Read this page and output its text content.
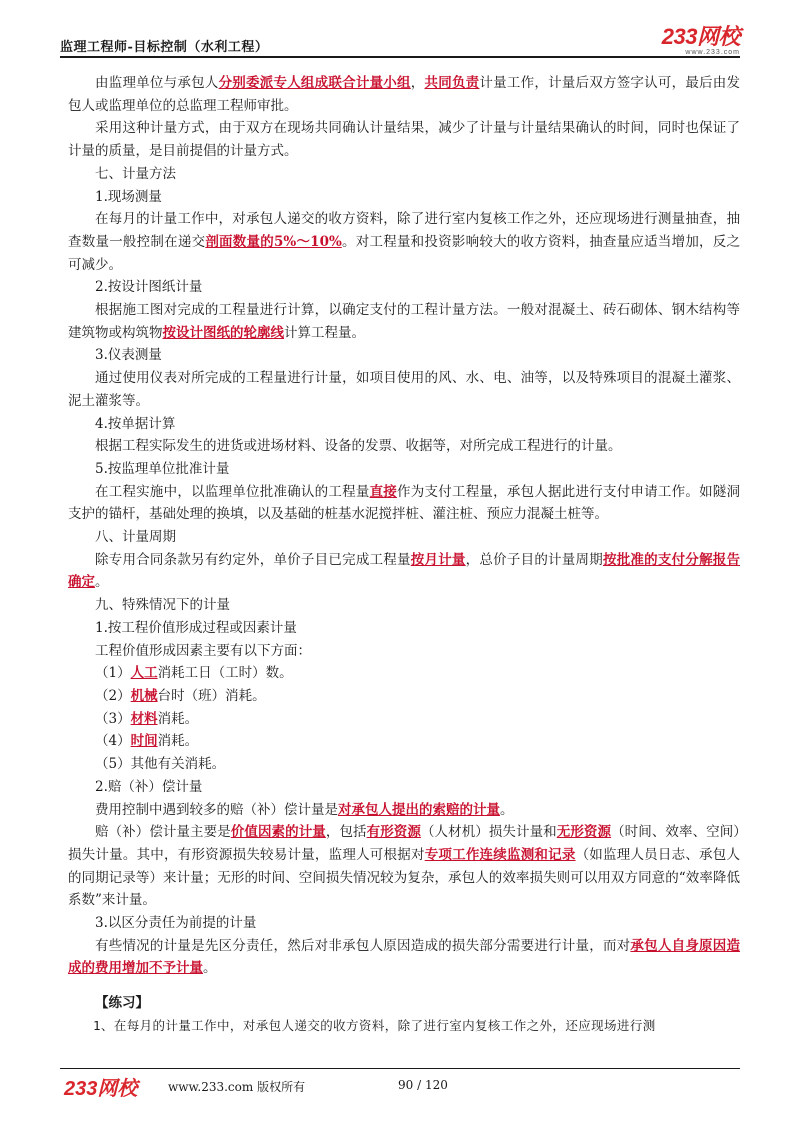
监理工程师-目标控制（水利工程）	233网校
www.233.com
由监理单位与承包人分别委派专人组成联合计量小组，共同负责计量工作，计量后双方签字认可，最后由发包人或监理单位的总监理工程师审批。
采用这种计量方式，由于双方在现场共同确认计量结果，减少了计量与计量结果确认的时间，同时也保证了计量的质量，是目前提倡的计量方式。
七、计量方法
1.现场测量
在每月的计量工作中，对承包人递交的收方资料，除了进行室内复核工作之外，还应现场进行测量抽查，抽查数量一般控制在递交剖面数量的5%～10%。对工程量和投资影响较大的收方资料，抽查量应适当增加，反之可减少。
2.按设计图纸计量
根据施工图对完成的工程量进行计算，以确定支付的工程计量方法。一般对混凝土、砖石砌体、钢木结构等建筑物或构筑物按设计图纸的轮廓线计算工程量。
3.仪表测量
通过使用仪表对所完成的工程量进行计量，如项目使用的风、水、电、油等，以及特殊项目的混凝土灌浆、泥土灌浆等。
4.按单据计算
根据工程实际发生的进货或进场材料、设备的发票、收据等，对所完成工程进行的计量。
5.按监理单位批准计量
在工程实施中，以监理单位批准确认的工程量直接作为支付工程量，承包人据此进行支付申请工作。如隧洞支护的锚杆，基础处理的换填，以及基础的桩基水泥搅拌桩、灌注桩、预应力混凝土桩等。
八、计量周期
除专用合同条款另有约定外，单价子目已完成工程量按月计量，总价子目的计量周期按批准的支付分解报告确定。
九、特殊情况下的计量
1.按工程价值形成过程或因素计量
工程价值形成因素主要有以下方面：
（1）人工消耗工日（工时）数。
（2）机械台时（班）消耗。
（3）材料消耗。
（4）时间消耗。
（5）其他有关消耗。
2.赔（补）偿计量
费用控制中遇到较多的赔（补）偿计量是对承包人提出的索赔的计量。
赔（补）偿计量主要是价值因素的计量，包括有形资源（人材机）损失计量和无形资源（时间、效率、空间）损失计量。其中，有形资源损失较易计量，监理人可根据对专项工作连续监测和记录（如监理人员日志、承包人的同期记录等）来计量；无形的时间、空间损失情况较为复杂，承包人的效率损失则可以用双方同意的“效率降低系数”来计量。
3.以区分责任为前提的计量
有些情况的计量是先区分责任，然后对非承包人原因造成的损失部分需要进行计量，而对承包人自身原因造成的费用增加不予计量。
【练习】
1、在每月的计量工作中，对承包人递交的收方资料，除了进行室内复核工作之外，还应现场进行测
233网校	www.233.com 版权所有	90 / 120
